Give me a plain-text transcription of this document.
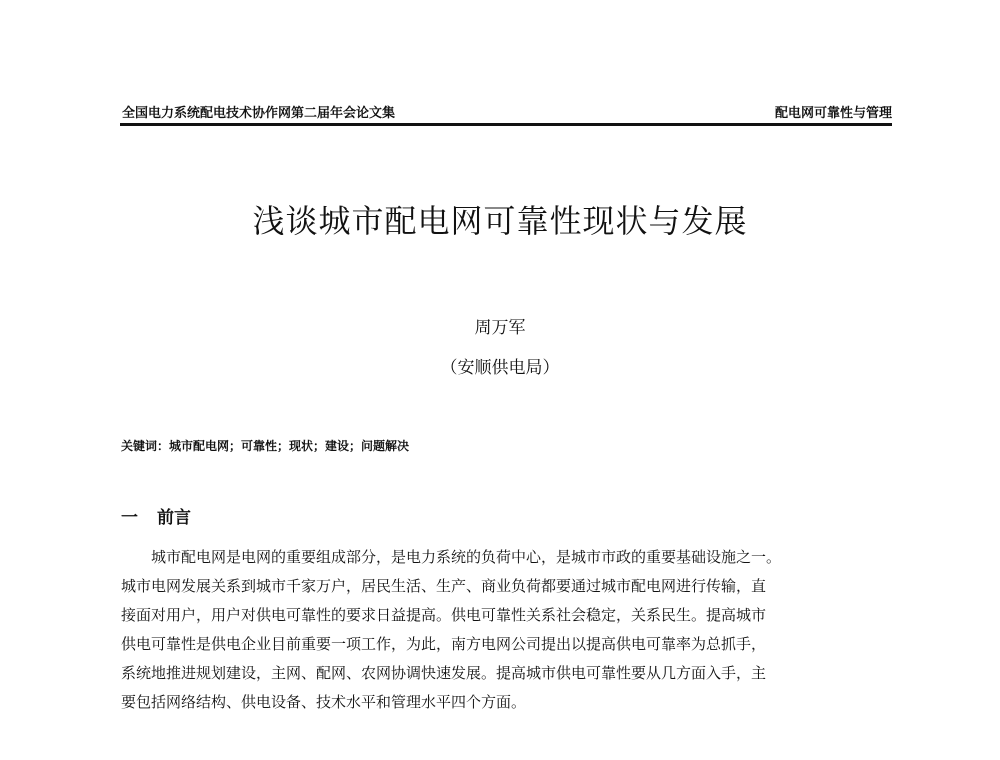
全国电力系统配电技术协作网第二届年会论文集	配电网可靠性与管理
浅谈城市配电网可靠性现状与发展
周万军
（安顺供电局）
关键词：城市配电网；可靠性；现状；建设；问题解决
一 前言
城市配电网是电网的重要组成部分，是电力系统的负荷中心，是城市市政的重要基础设施之一。
城市电网发展关系到城市千家万户，居民生活、生产、商业负荷都要通过城市配电网进行传输，直
接面对用户，用户对供电可靠性的要求日益提高。供电可靠性关系社会稳定，关系民生。提高城市
供电可靠性是供电企业目前重要一项工作，为此，南方电网公司提出以提高供电可靠率为总抓手，
系统地推进规划建设，主网、配网、农网协调快速发展。提高城市供电可靠性要从几方面入手，主
要包括网络结构、供电设备、技术水平和管理水平四个方面。
